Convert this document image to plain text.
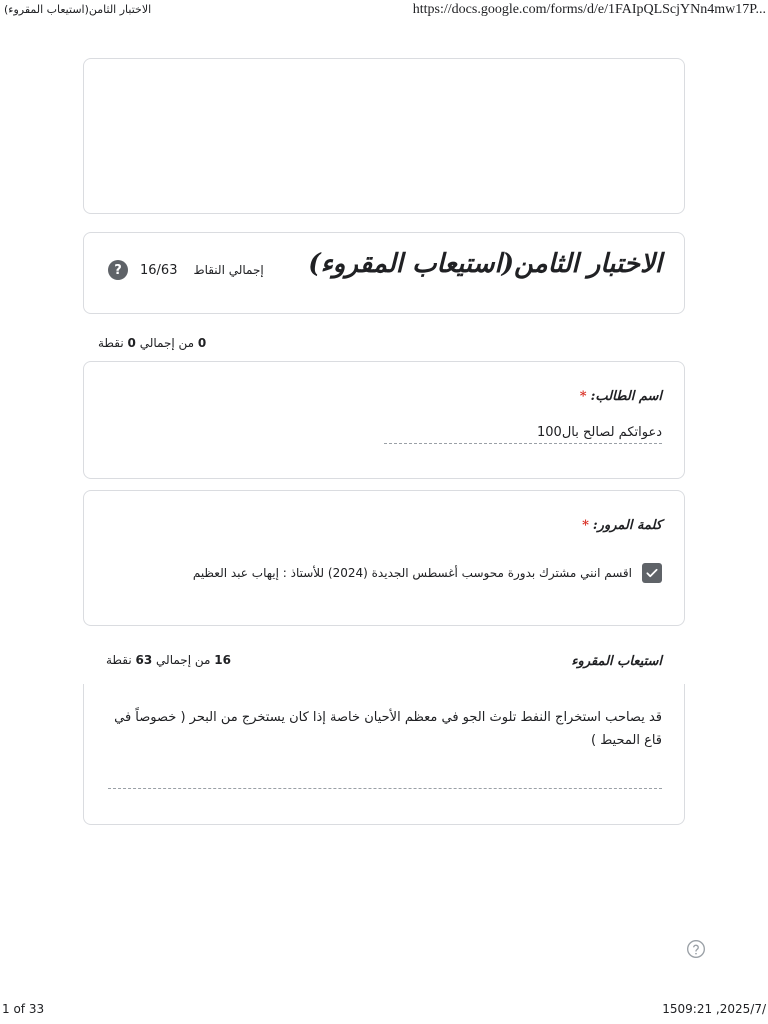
الاختبار الثامن(استيعاب المقروء)	https://docs.google.com/forms/d/e/1FAIpQLScjYNn4mw17P...
الاختبار الثامن(استيعاب المقروء)
?	16/63 إجمالي النقاط
0 من إجمالي 0 نقطة
اسم الطالب:*
دعواتكم لصالح بال100
كلمة المرور:*
اقسم انني مشترك بدورة محوسب أغسطس الجديدة (2024) للأستاذ : إيهاب عبد العظيم
استيعاب المقروء
16 من إجمالي 63 نقطة
قد يصاحب استخراج النفط تلوث الجو في معظم الأحيان خاصة إذا كان يستخرج من البحر ( خصوصاً في قاع المحيط )
1 of 33	1509:21 ,2025/7/
